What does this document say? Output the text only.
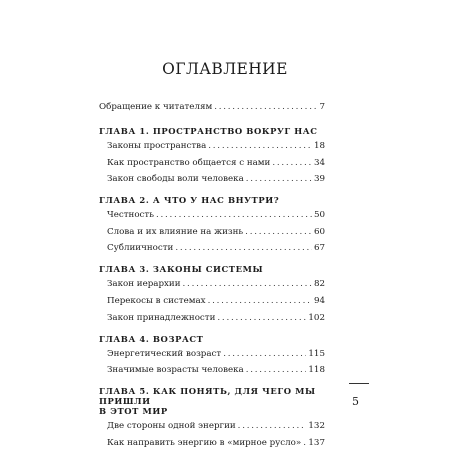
ОГЛАВЛЕНИЕ
Обращение к читателям . . .	7
ГЛАВА 1. ПРОСТРАНСТВО ВОКРУГ НАС
Законы пространства . . .	18
Как пространство общается с нами . . .	34
Закон свободы воли человека . . .	39
ГЛАВА 2. А ЧТО У НАС ВНУТРИ?
Честность . . .	50
Слова и их влияние на жизнь . . .	60
Сублиичности . . .	67
ГЛАВА 3. ЗАКОНЫ СИСТЕМЫ
Закон иерархии . . .	82
Перекосы в системах . . .	94
Закон принадлежности . . .	102
ГЛАВА 4. ВОЗРАСТ
Энергетический возраст . . .	115
Значимые возрасты человека . . .	118
ГЛАВА 5. КАК ПОНЯТЬ, ДЛЯ ЧЕГО МЫ ПРИШЛИ
В ЭТОТ МИР
Две стороны одной энергии . . .	132
Как направить энергию в «мирное русло» . . . 137
5
